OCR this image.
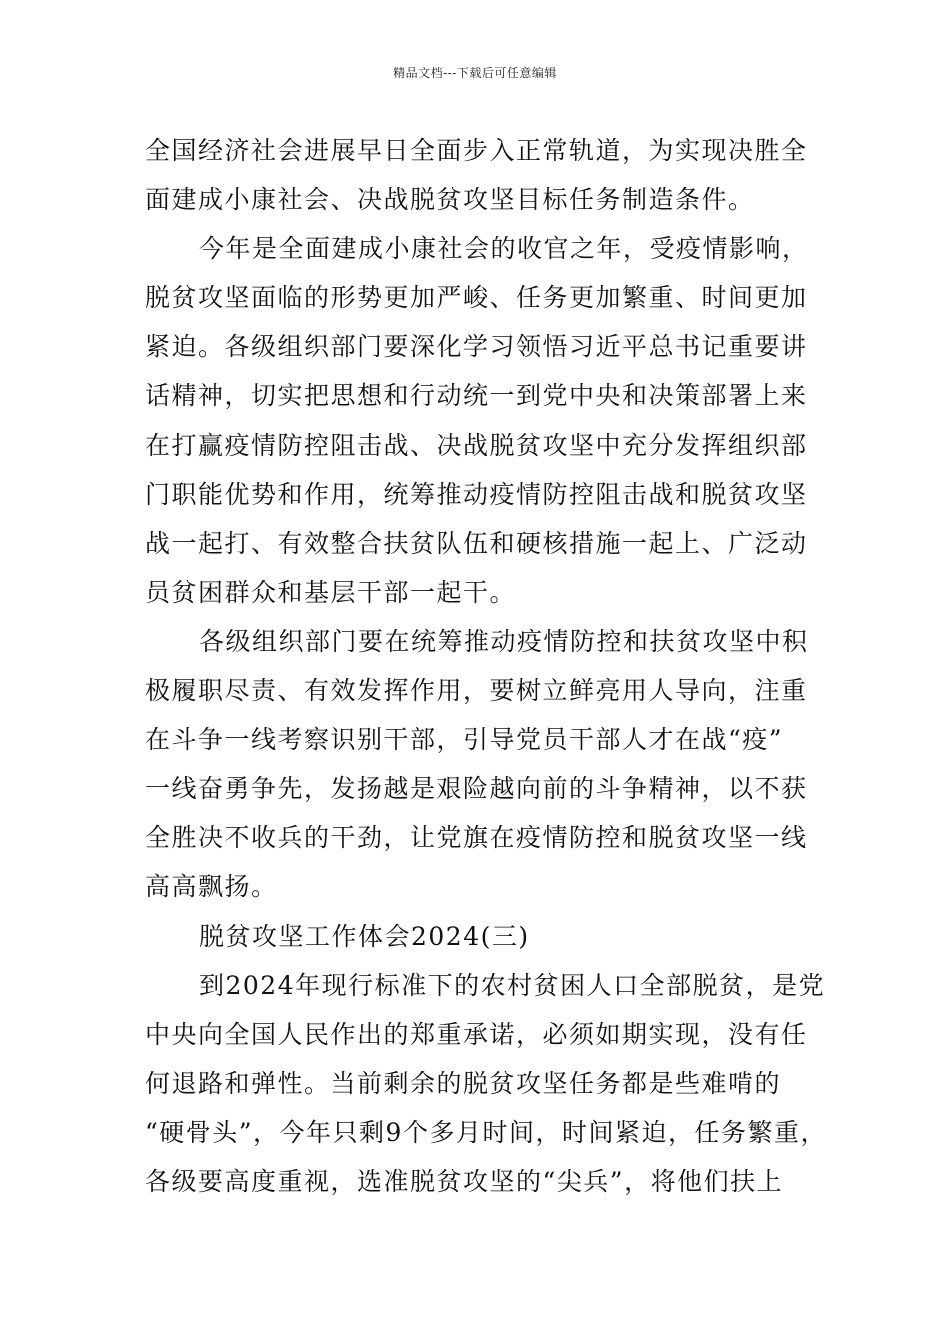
精品文档---下载后可任意编辑
全国经济社会进展早日全面步入正常轨道，为实现决胜全
面建成小康社会、决战脱贫攻坚目标任务制造条件。
今年是全面建成小康社会的收官之年，受疫情影响，
脱贫攻坚面临的形势更加严峻、任务更加繁重、时间更加
紧迫。各级组织部门要深化学习领悟习近平总书记重要讲
话精神，切实把思想和行动统一到党中央和决策部署上来
在打赢疫情防控阻击战、决战脱贫攻坚中充分发挥组织部
门职能优势和作用，统筹推动疫情防控阻击战和脱贫攻坚
战一起打、有效整合扶贫队伍和硬核措施一起上、广泛动
员贫困群众和基层干部一起干。
各级组织部门要在统筹推动疫情防控和扶贫攻坚中积
极履职尽责、有效发挥作用，要树立鲜亮用人导向，注重
在斗争一线考察识别干部，引导党员干部人才在战“疫”
一线奋勇争先，发扬越是艰险越向前的斗争精神，以不获
全胜决不收兵的干劲，让党旗在疫情防控和脱贫攻坚一线
高高飘扬。
脱贫攻坚工作体会2024(三)
到2024年现行标准下的农村贫困人口全部脱贫，是党
中央向全国人民作出的郑重承诺，必须如期实现，没有任
何退路和弹性。当前剩余的脱贫攻坚任务都是些难啃的
“硬骨头”，今年只剩9个多月时间，时间紧迫，任务繁重，
各级要高度重视，选准脱贫攻坚的“尖兵”，将他们扶上
